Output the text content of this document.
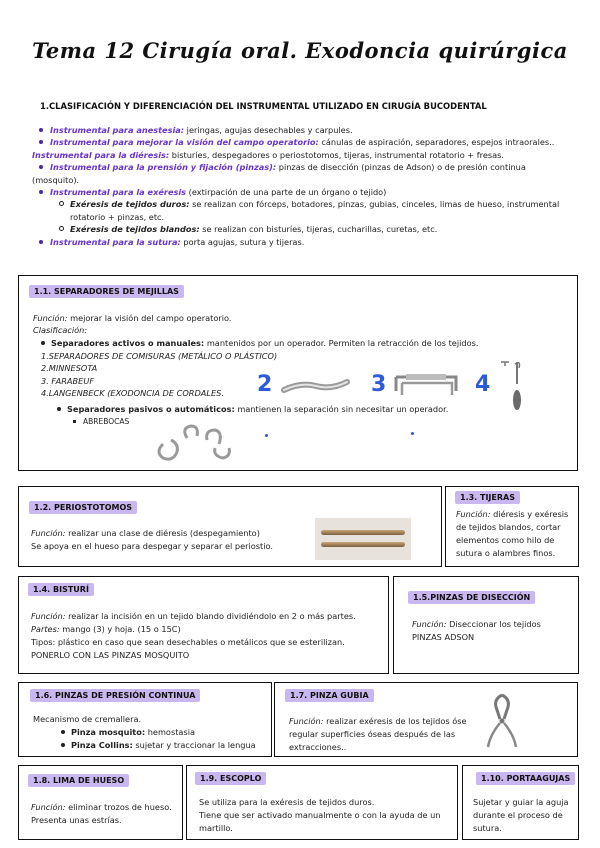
Tema 12 Cirugía oral. Exodoncia quirúrgica
1.CLASIFICACIÓN Y DIFERENCIACIÓN DEL INSTRUMENTAL UTILIZADO EN CIRUGÍA BUCODENTAL
Instrumental para anestesia: jeringas, agujas desechables y carpules.
Instrumental para mejorar la visión del campo operatorio: cánulas de aspiración, separadores, espejos intraorales..
Instrumental para la diéresis: bisturíes, despegadores o periostotomos, tijeras, instrumental rotatorio + fresas.
Instrumental para la prensión y fijación (pinzas): pinzas de disección (pinzas de Adson) o de presión continua
(mosquito).
Instrumental para la exéresis (extirpación de una parte de un órgano o tejido)
Exéresis de tejidos duros: se realizan con fórceps, botadores, pinzas, gubias, cinceles, limas de hueso, instrumental
rotatorio + pinzas, etc.
Exéresis de tejidos blandos: se realizan con bisturíes, tijeras, cucharillas, curetas, etc.
Instrumental para la sutura: porta agujas, sutura y tijeras.
1.1. SEPARADORES DE MEJILLAS
Función: mejorar la visión del campo operatorio.
Clasificación:
Separadores activos o manuales: mantenidos por un operador. Permiten la retracción de los tejidos.
1.SEPARADORES DE COMISURAS (METÁLICO O PLÁSTICO)
2.MINNESOTA
3. FARABEUF
4.LANGENBECK (EXODONCIA DE CORDALES.
Separadores pasivos o automáticos: mantienen la separación sin necesitar un operador.
ABREBOCAS
2	3	4
1.2. PERIOSTOTOMOS
Función: realizar una clase de diéresis (despegamiento)
Se apoya en el hueso para despegar y separar el periostio.
1.3. TIJERAS
Función: diéresis y exéresis
de tejidos blandos, cortar
elementos como hilo de
sutura o alambres finos.
1.4. BISTURÍ
Función: realizar la incisión en un tejido blando dividiéndolo en 2 o más partes.
Partes: mango (3) y hoja. (15 o 15C)
Tipos: plástico en caso que sean desechables o metálicos que se esterilizan.
PONERLO CON LAS PINZAS MOSQUITO
1.5.PINZAS DE DISECCIÓN
Función: Diseccionar los tejidos
PINZAS ADSON
1.6. PINZAS DE PRESIÓN CONTINUA
Mecanismo de cremallera.
Pinza mosquito: hemostasia
Pinza Collins: sujetar y traccionar la lengua
1.7. PINZA GUBIA
Función: realizar exéresis de los tejidos óse
regular superficies óseas después de las
extracciones..
1.8. LIMA DE HUESO
Función: eliminar trozos de hueso.
Presenta unas estrías.
1.9. ESCOPLO
Se utiliza para la exéresis de tejidos duros.
Tiene que ser activado manualmente o con la ayuda de un
martillo.
1.10. PORTAAGUJAS
Sujetar y guiar la aguja
durante el proceso de
sutura.
